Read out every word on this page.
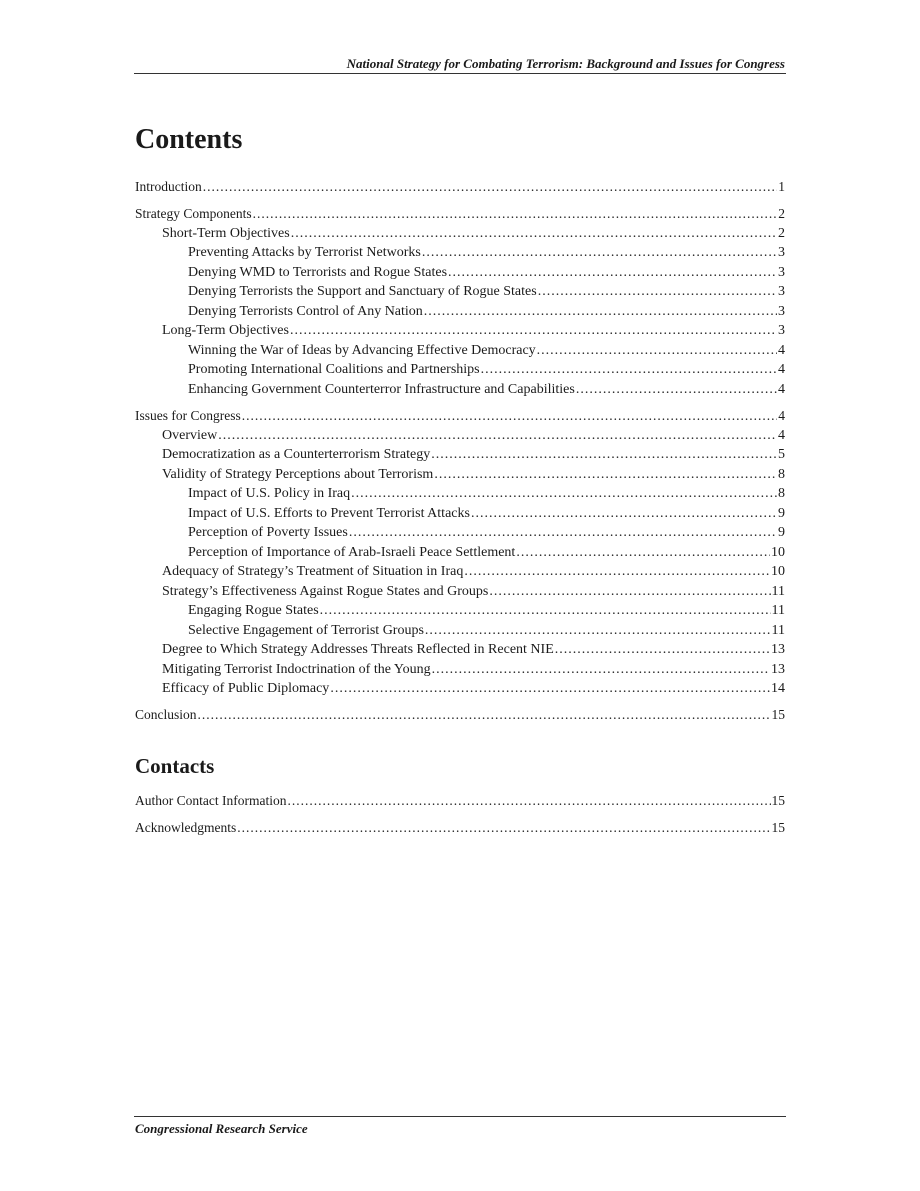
National Strategy for Combating Terrorism: Background and Issues for Congress
Contents
Introduction .....	1
Strategy Components .....	2
Short-Term Objectives .....	2
Preventing Attacks by Terrorist Networks .....	3
Denying WMD to Terrorists and Rogue States .....	3
Denying Terrorists the Support and Sanctuary of Rogue States .....	3
Denying Terrorists Control of Any Nation .....	3
Long-Term Objectives .....	3
Winning the War of Ideas by Advancing Effective Democracy .....	4
Promoting International Coalitions and Partnerships .....	4
Enhancing Government Counterterror Infrastructure and Capabilities .....	4
Issues for Congress .....	4
Overview .....	4
Democratization as a Counterterrorism Strategy .....	5
Validity of Strategy Perceptions about Terrorism .....	8
Impact of U.S. Policy in Iraq .....	8
Impact of U.S. Efforts to Prevent Terrorist Attacks .....	9
Perception of Poverty Issues .....	9
Perception of Importance of Arab-Israeli Peace Settlement .....	10
Adequacy of Strategy’s Treatment of Situation in Iraq .....	10
Strategy’s Effectiveness Against Rogue States and Groups .....	11
Engaging Rogue States .....	11
Selective Engagement of Terrorist Groups .....	11
Degree to Which Strategy Addresses Threats Reflected in Recent NIE .....	13
Mitigating Terrorist Indoctrination of the Young .....	13
Efficacy of Public Diplomacy .....	14
Conclusion .....	15
Contacts
Author Contact Information .....	15
Acknowledgments .....	15
Congressional Research Service
